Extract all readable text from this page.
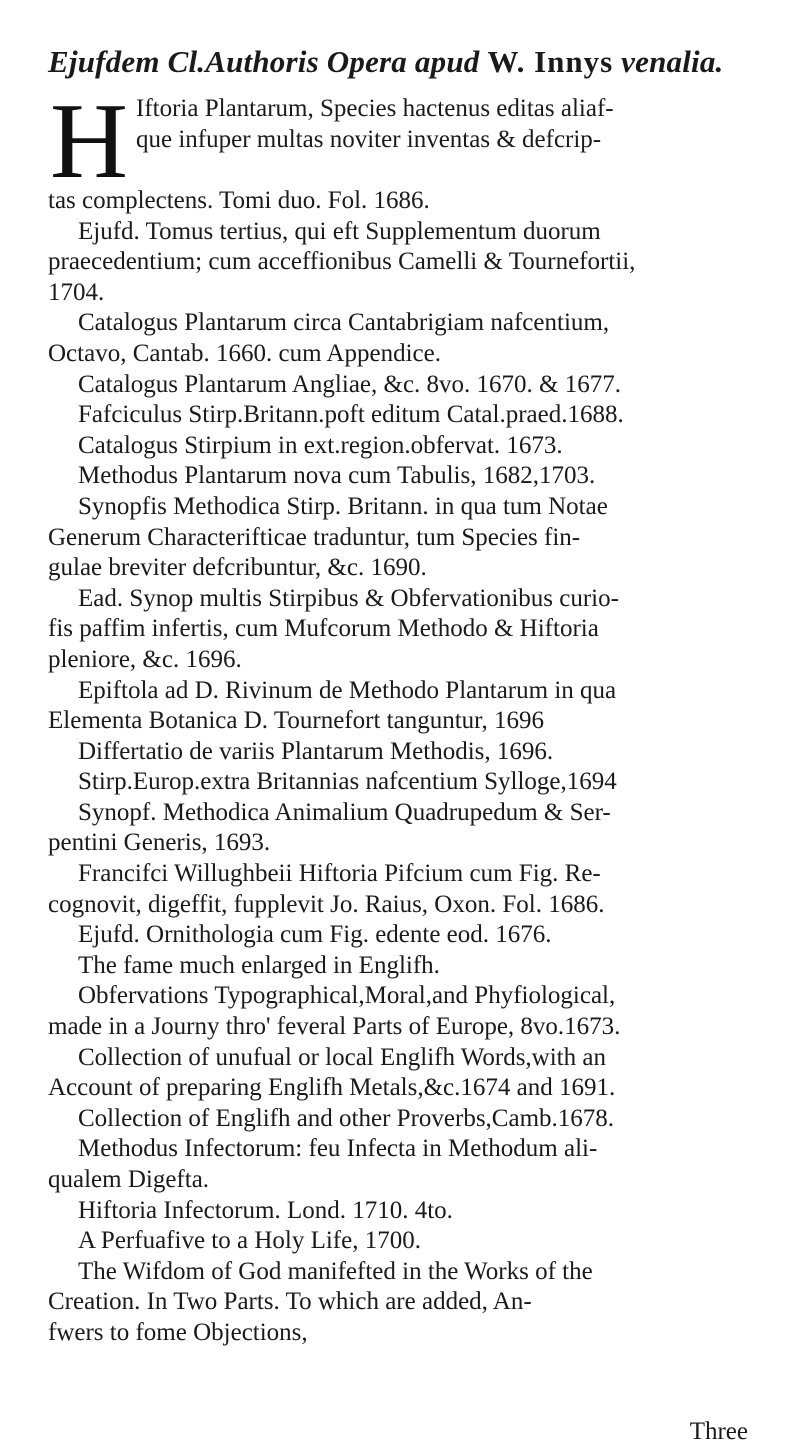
Ejufdem Cl.Authoris Opera apud W. Innys venalia.
H Iftoria Plantarum, Species hactenus editas aliaf-
que infuper multas noviter inventas & defcrip-
tas complectens. Tomi duo. Fol. 1686.
Ejufd. Tomus tertius, qui eft Supplementum duorum
praecedentium; cum acceffionibus Camelli & Tournefortii,
1704.
Catalogus Plantarum circa Cantabrigiam nafcentium,
Octavo, Cantab. 1660. cum Appendice.
Catalogus Plantarum Angliae, &c. 8vo. 1670. & 1677.
Fafciculus Stirp.Britann.poft editum Catal.praed.1688.
Catalogus Stirpium in ext.region.obfervat. 1673.
Methodus Plantarum nova cum Tabulis, 1682,1703.
Synopfis Methodica Stirp. Britann. in qua tum Notae
Generum Characterifticae traduntur, tum Species fin-
gulae breviter defcribuntur, &c. 1690.
Ead. Synop multis Stirpibus & Obfervationibus curio-
fis paffim infertis, cum Mufcorum Methodo & Hiftoria
pleniore, &c. 1696.
Epiftola ad D. Rivinum de Methodo Plantarum in qua
Elementa Botanica D. Tournefort tanguntur, 1696
Differtatio de variis Plantarum Methodis, 1696.
Stirp.Europ.extra Britannias nafcentium Sylloge,1694
Synopf. Methodica Animalium Quadrupedum & Ser-
pentini Generis, 1693.
Francifci Willughbeii Hiftoria Pifcium cum Fig. Re-
cognovit, digeffit, fupplevit Jo. Raius, Oxon. Fol. 1686.
Ejufd. Ornithologia cum Fig. edente eod. 1676.
The fame much enlarged in Englifh.
Obfervations Typographical,Moral,and Phyfiological,
made in a Journy thro' feveral Parts of Europe, 8vo.1673.
Collection of unufual or local Englifh Words,with an
Account of preparing Englifh Metals,&c.1674 and 1691.
Collection of Englifh and other Proverbs,Camb.1678.
Methodus Infectorum: feu Infecta in Methodum ali-
qualem Digefta.
Hiftoria Infectorum. Lond. 1710. 4to.
A Perfuafive to a Holy Life, 1700.
The Wifdom of God manifefted in the Works of the
Creation. In Two Parts. To which are added, An-
fwers to fome Objections,
Three
